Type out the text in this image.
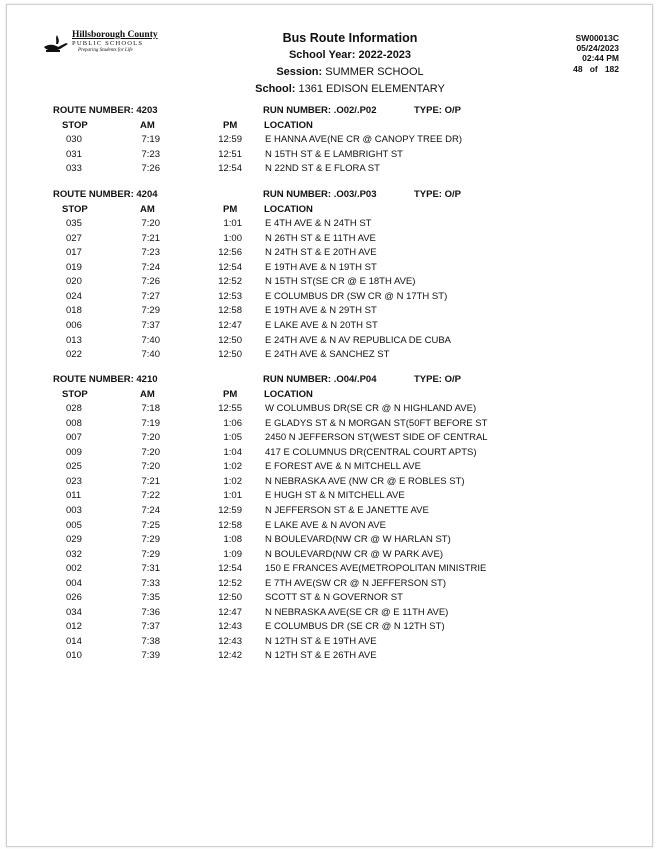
Hillsborough County
PUBLIC SCHOOLS
Preparing Students for Life
Bus Route Information
School Year: 2022-2023
Session: SUMMER SCHOOL
School: 1361 EDISON ELEMENTARY
SW00013C
05/24/2023
02:44 PM
48 of 182
ROUTE NUMBER: 4203	RUN NUMBER: .O02/.P02	TYPE: O/P
STOP	AM	PM	LOCATION
030	7:19	12:59 E HANNA AVE(NE CR @ CANOPY TREE DR)
031	7:23	12:51 N 15TH ST & E LAMBRIGHT ST
033	7:26	12:54 N 22ND ST & E FLORA ST
ROUTE NUMBER: 4204	RUN NUMBER: .O03/.P03	TYPE: O/P
STOP	AM	PM	LOCATION
035	7:20	1:01 E 4TH AVE & N 24TH ST
027	7:21	1:00 N 26TH ST & E 11TH AVE
017	7:23	12:56 N 24TH ST & E 20TH AVE
019	7:24	12:54 E 19TH AVE & N 19TH ST
020	7:26	12:52 N 15TH ST(SE CR @ E 18TH AVE)
024	7:27	12:53 E COLUMBUS DR (SW CR @ N 17TH ST)
018	7:29	12:58 E 19TH AVE & N 29TH ST
006	7:37	12:47 E LAKE AVE & N 20TH ST
013	7:40	12:50 E 24TH AVE & N AV REPUBLICA DE CUBA
022	7:40	12:50 E 24TH AVE & SANCHEZ ST
ROUTE NUMBER: 4210	RUN NUMBER: .O04/.P04	TYPE: O/P
STOP	AM	PM	LOCATION
028	7:18	12:55 W COLUMBUS DR(SE CR @ N HIGHLAND AVE)
008	7:19	1:06 E GLADYS ST & N MORGAN ST(50FT BEFORE ST
007	7:20	1:05 2450 N JEFFERSON ST(WEST SIDE OF CENTRAL
009	7:20	1:04 417 E COLUMNUS DR(CENTRAL COURT APTS)
025	7:20	1:02 E FOREST AVE & N MITCHELL AVE
023	7:21	1:02 N NEBRASKA AVE (NW CR @ E ROBLES ST)
011	7:22	1:01 E HUGH ST & N MITCHELL AVE
003	7:24	12:59 N JEFFERSON ST & E JANETTE AVE
005	7:25	12:58 E LAKE AVE & N AVON AVE
029	7:29	1:08 N BOULEVARD(NW CR @ W HARLAN ST)
032	7:29	1:09 N BOULEVARD(NW CR @ W PARK AVE)
002	7:31	12:54 150 E FRANCES AVE(METROPOLITAN MINISTRIE
004	7:33	12:52 E 7TH AVE(SW CR @ N JEFFERSON ST)
026	7:35	12:50 SCOTT ST & N GOVERNOR ST
034	7:36	12:47 N NEBRASKA AVE(SE CR @ E 11TH AVE)
012	7:37	12:43 E COLUMBUS DR (SE CR @ N 12TH ST)
014	7:38	12:43 N 12TH ST & E 19TH AVE
010	7:39	12:42 N 12TH ST & E 26TH AVE
